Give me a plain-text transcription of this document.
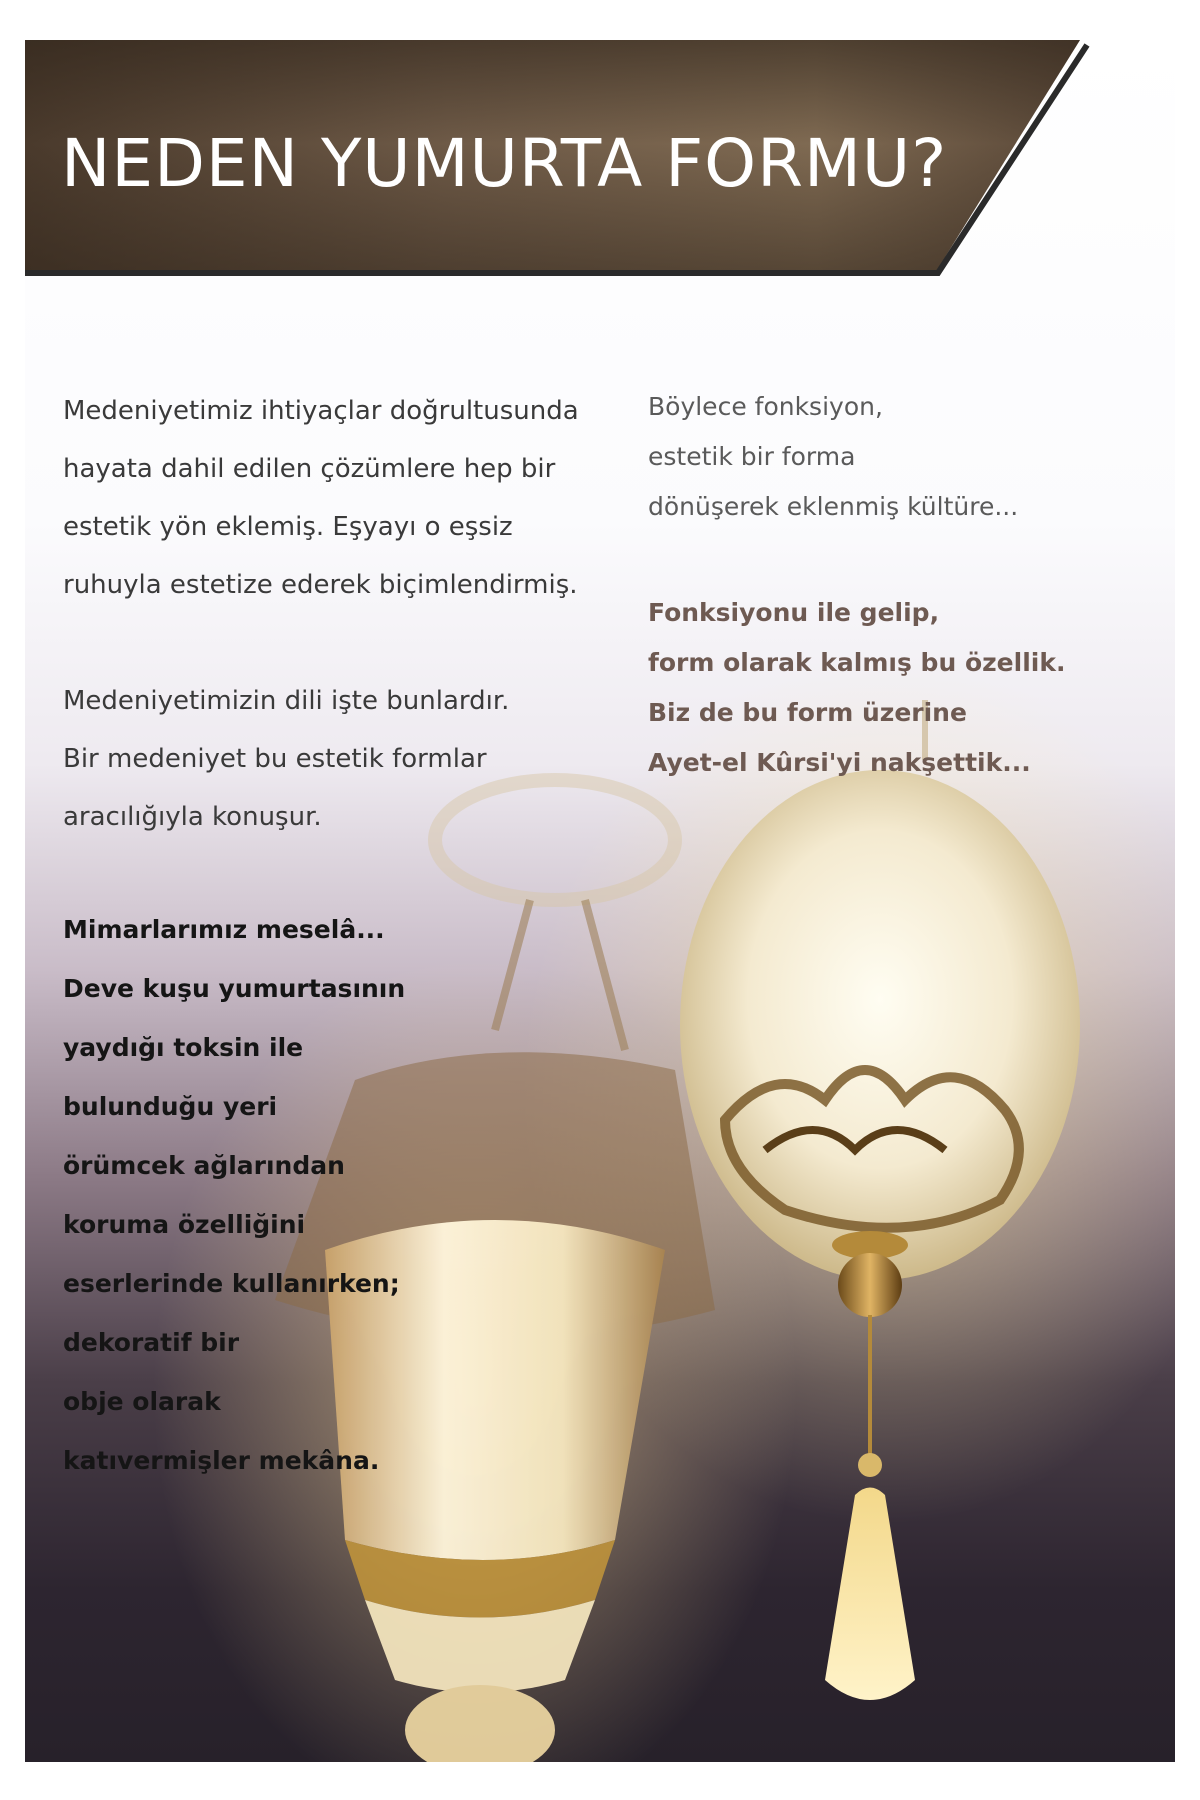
NEDEN YUMURTA FORMU?

Medeniyetimiz ihtiyaçlar doğrultusunda

hayata dahil edilen çözümlere hep bir

estetik yön eklemiş. Eşyayı o eşsiz

ruhuyla estetize ederek biçimlendirmiş.

Medeniyetimizin dili işte bunlardır.

Bir medeniyet bu estetik formlar

aracılığıyla konuşur.

Mimarlarımız meselâ...

Deve kuşu yumurtasının

yaydığı toksin ile

bulunduğu yeri

örümcek ağlarından

koruma özelliğini

eserlerinde kullanırken;

dekoratif bir

obje olarak

katıvermişler mekâna.

Böylece fonksiyon,

estetik bir forma

dönüşerek eklenmiş kültüre...

Fonksiyonu ile gelip,

form olarak kalmış bu özellik.

Biz de bu form üzerine

Ayet-el Kûrsi'yi nakşettik...
